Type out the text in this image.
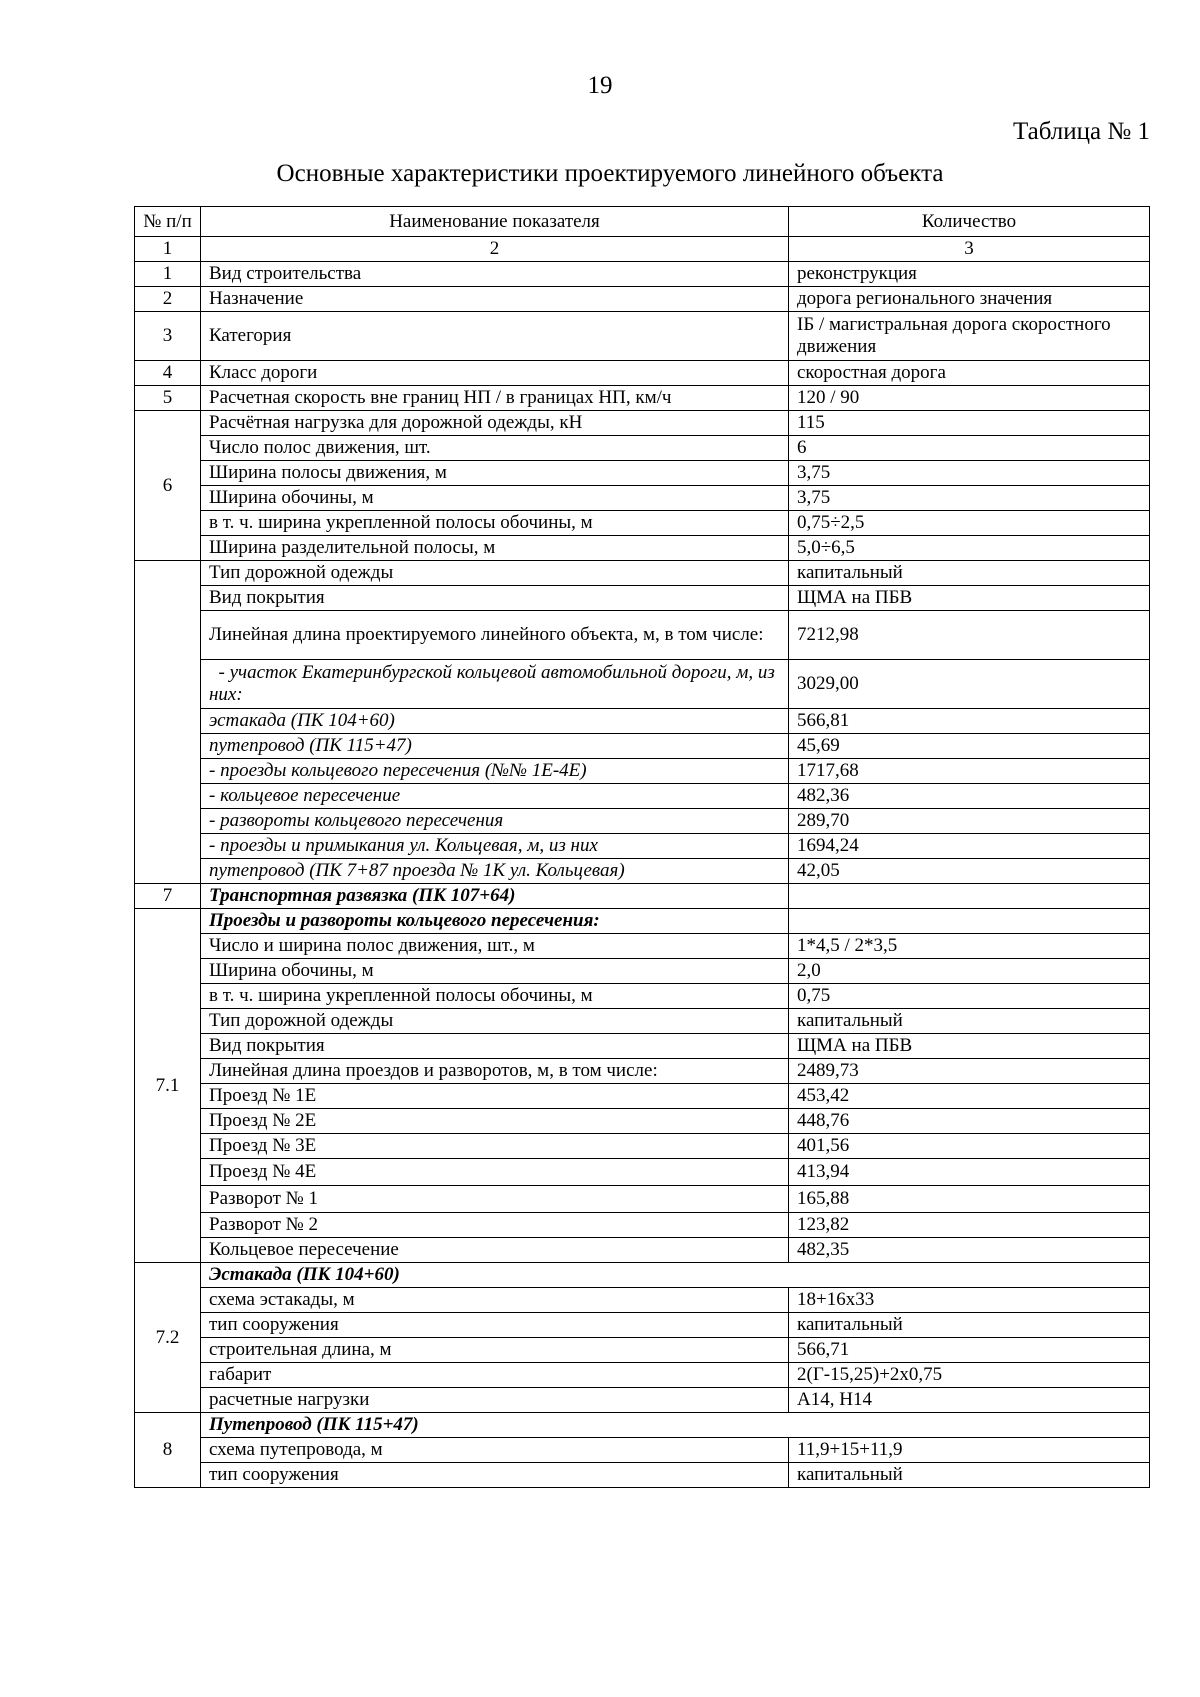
19
Таблица № 1
Основные характеристики проектируемого линейного объекта
№ п/п	Наименование показателя	Количество
1	2	3
1	Вид строительства	реконструкция
2	Назначение	дорога регионального значения
3	Категория	IБ / магистральная дорога скоростного движения
4	Класс дороги	скоростная дорога
5	Расчетная скорость вне границ НП / в границах НП, км/ч	120 / 90
6	Расчётная нагрузка для дорожной одежды, кН	115
	Число полос движения, шт.	6
	Ширина полосы движения, м	3,75
	Ширина обочины, м	3,75
	в т. ч. ширина укрепленной полосы обочины, м	0,75÷2,5
	Ширина разделительной полосы, м	5,0÷6,5
	Тип дорожной одежды	капитальный
	Вид покрытия	ЩМА на ПБВ
	Линейная длина проектируемого линейного объекта, м, в том числе:	7212,98
	- участок Екатеринбургской кольцевой автомобильной дороги, м, из них:	3029,00
	эстакада (ПК 104+60)	566,81
	путепровод (ПК 115+47)	45,69
	- проезды кольцевого пересечения (№№ 1Е-4Е)	1717,68
	- кольцевое пересечение	482,36
	- развороты кольцевого пересечения	289,70
	- проезды и примыкания ул. Кольцевая, м, из них	1694,24
	путепровод (ПК 7+87 проезда № 1К ул. Кольцевая)	42,05
7	Транспортная развязка (ПК 107+64)	
7.1	Проезды и развороты кольцевого пересечения:	
	Число и ширина полос движения, шт., м	1*4,5 / 2*3,5
	Ширина обочины, м	2,0
	в т. ч. ширина укрепленной полосы обочины, м	0,75
	Тип дорожной одежды	капитальный
	Вид покрытия	ЩМА на ПБВ
	Линейная длина проездов и разворотов, м, в том числе:	2489,73
	Проезд № 1Е	453,42
	Проезд № 2Е	448,76
	Проезд № 3Е	401,56
	Проезд № 4Е	413,94
	Разворот № 1	165,88
	Разворот № 2	123,82
	Кольцевое пересечение	482,35
7.2	Эстакада (ПК 104+60)	
	схема эстакады, м	18+16х33
	тип сооружения	капитальный
	строительная длина, м	566,71
	габарит	2(Г-15,25)+2х0,75
	расчетные нагрузки	А14, Н14
8	Путепровод (ПК 115+47)	
	схема путепровода, м	11,9+15+11,9
	тип сооружения	капитальный
